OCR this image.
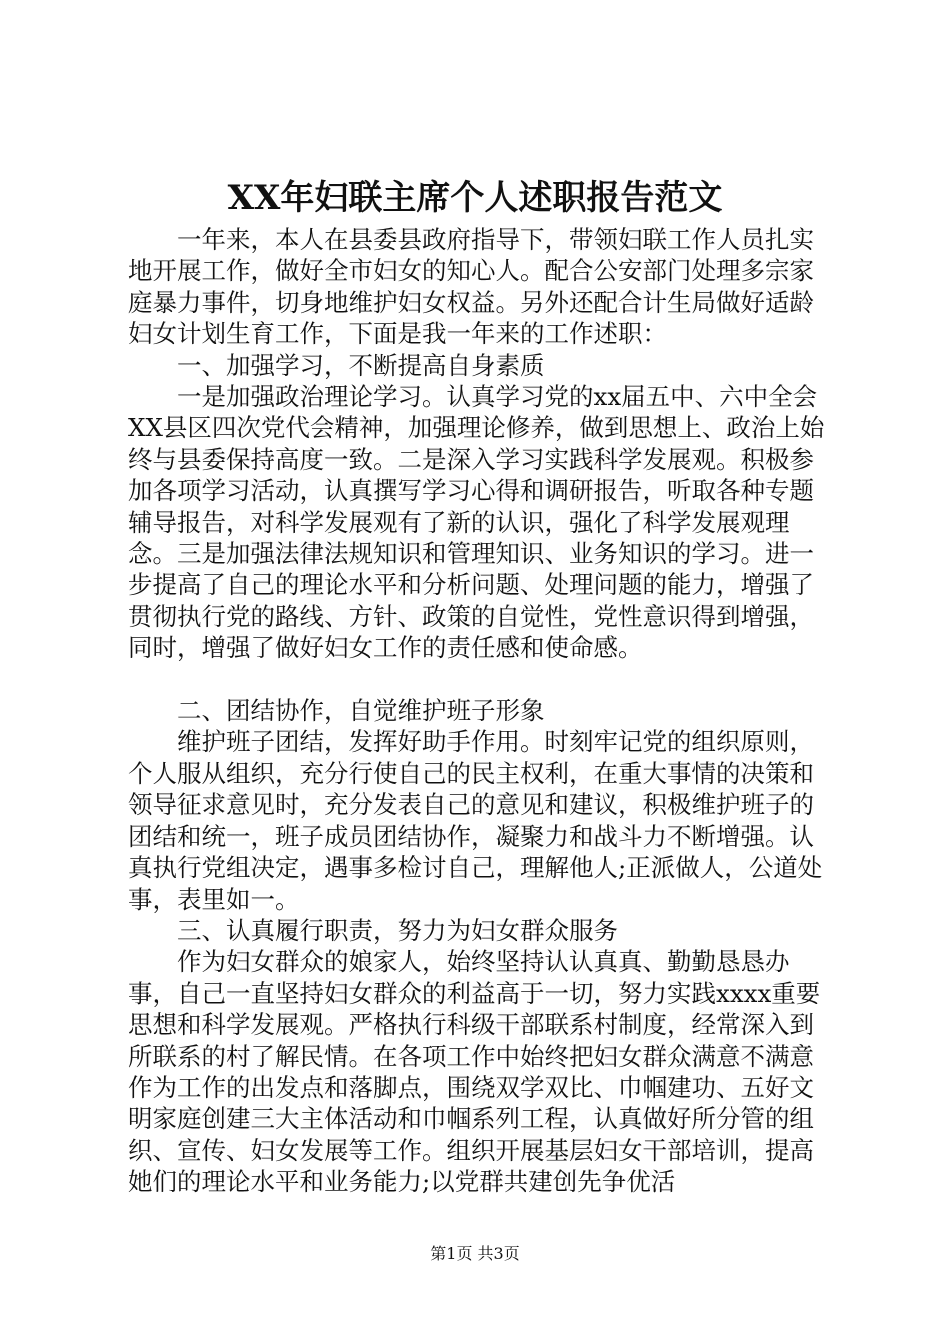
XX年妇联主席个人述职报告范文

一年来，本人在县委县政府指导下，带领妇联工作人员扎实地开展工作，做好全市妇女的知心人。配合公安部门处理多宗家庭暴力事件，切身地维护妇女权益。另外还配合计生局做好适龄妇女计划生育工作，下面是我一年来的工作述职：

一、加强学习，不断提高自身素质

一是加强政治理论学习。认真学习党的xx届五中、六中全会XX县区四次党代会精神，加强理论修养，做到思想上、政治上始终与县委保持高度一致。二是深入学习实践科学发展观。积极参加各项学习活动，认真撰写学习心得和调研报告，听取各种专题辅导报告，对科学发展观有了新的认识，强化了科学发展观理念。三是加强法律法规知识和管理知识、业务知识的学习。进一步提高了自己的理论水平和分析问题、处理问题的能力，增强了贯彻执行党的路线、方针、政策的自觉性，党性意识得到增强，同时，增强了做好妇女工作的责任感和使命感。

二、团结协作，自觉维护班子形象

维护班子团结，发挥好助手作用。时刻牢记党的组织原则，个人服从组织，充分行使自己的民主权利，在重大事情的决策和领导征求意见时，充分发表自己的意见和建议，积极维护班子的团结和统一，班子成员团结协作，凝聚力和战斗力不断增强。认真执行党组决定，遇事多检讨自己，理解他人;正派做人，公道处事，表里如一。

三、认真履行职责，努力为妇女群众服务

作为妇女群众的娘家人，始终坚持认认真真、勤勤恳恳办事，自己一直坚持妇女群众的利益高于一切，努力实践xxxx重要思想和科学发展观。严格执行科级干部联系村制度，经常深入到所联系的村了解民情。在各项工作中始终把妇女群众满意不满意作为工作的出发点和落脚点，围绕双学双比、巾帼建功、五好文明家庭创建三大主体活动和巾帼系列工程，认真做好所分管的组织、宣传、妇女发展等工作。组织开展基层妇女干部培训，提高她们的理论水平和业务能力;以党群共建创先争优活

第1页 共3页
